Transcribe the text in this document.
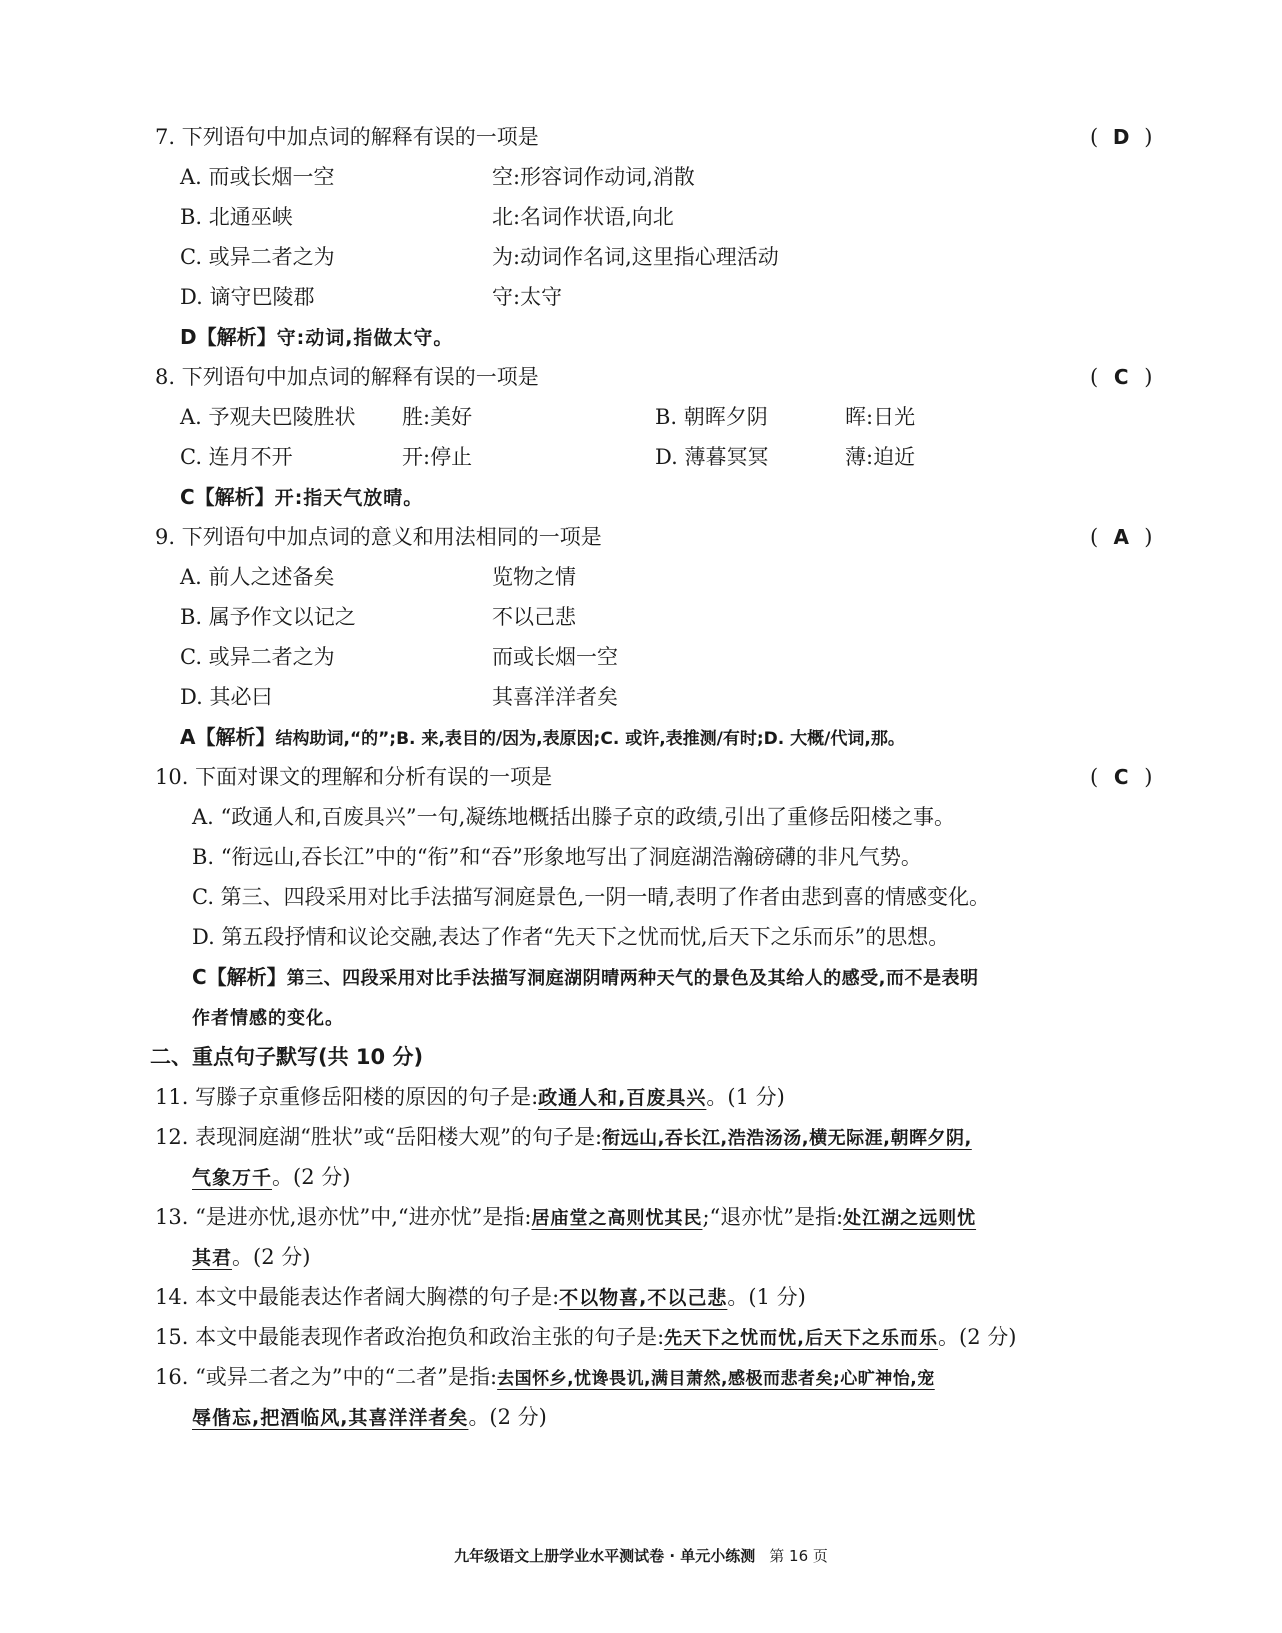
7. 下列语句中加点词的解释有误的一项是	( D )
A. 而或长烟一空	空:形容词作动词,消散
B. 北通巫峡	北:名词作状语,向北
C. 或异二者之为	为:动词作名词,这里指心理活动
D. 谪守巴陵郡	守:太守
D【解析】守:动词,指做太守。
8. 下列语句中加点词的解释有误的一项是	( C )
A. 予观夫巴陵胜状 胜:美好	B. 朝晖夕阴	晖:日光
C. 连月不开	开:停止	D. 薄暮冥冥	薄:迫近
C【解析】开:指天气放晴。
9. 下列语句中加点词的意义和用法相同的一项是	( A )
A. 前人之述备矣	览物之情
B. 属予作文以记之	不以己悲
C. 或异二者之为	而或长烟一空
D. 其必曰	其喜洋洋者矣
A【解析】结构助词,“的”;B. 来,表目的/因为,表原因;C. 或许,表推测/有时;D. 大概/代词,那。
10. 下面对课文的理解和分析有误的一项是	( C )
A. “政通人和,百废具兴”一句,凝练地概括出滕子京的政绩,引出了重修岳阳楼之事。
B. “衔远山,吞长江”中的“衔”和“吞”形象地写出了洞庭湖浩瀚磅礴的非凡气势。
C. 第三、四段采用对比手法描写洞庭景色,一阴一晴,表明了作者由悲到喜的情感变化。
D. 第五段抒情和议论交融,表达了作者“先天下之忧而忧,后天下之乐而乐”的思想。
C【解析】第三、四段采用对比手法描写洞庭湖阴晴两种天气的景色及其给人的感受,而不是表明
作者情感的变化。
二、重点句子默写(共 10 分)
11. 写滕子京重修岳阳楼的原因的句子是:政通人和,百废具兴。(1 分)
12. 表现洞庭湖“胜状”或“岳阳楼大观”的句子是:衔远山,吞长江,浩浩汤汤,横无际涯,朝晖夕阴,
气象万千。(2 分)
13. “是进亦忧,退亦忧”中,“进亦忧”是指:居庙堂之高则忧其民;“退亦忧”是指:处江湖之远则忧
其君。(2 分)
14. 本文中最能表达作者阔大胸襟的句子是:不以物喜,不以己悲。(1 分)
15. 本文中最能表现作者政治抱负和政治主张的句子是:先天下之忧而忧,后天下之乐而乐。(2 分)
16. “或异二者之为”中的“二者”是指:去国怀乡,忧谗畏讥,满目萧然,感极而悲者矣;心旷神怡,宠
辱偕忘,把酒临风,其喜洋洋者矣。(2 分)
九年级语文上册学业水平测试卷 · 单元小练测 第 16 页
